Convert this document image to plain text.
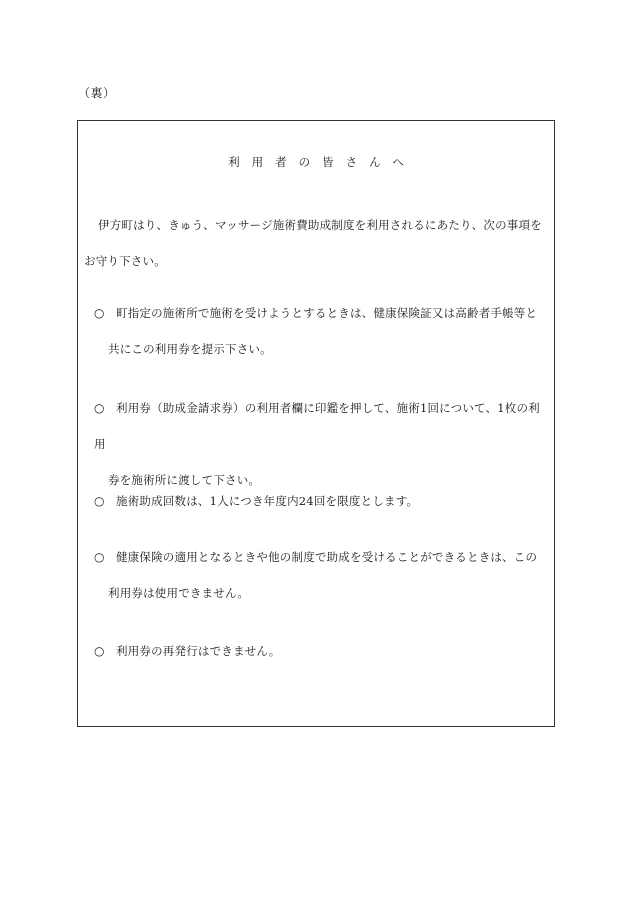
（裏）
利用者の皆さんへ
伊方町はり、きゅう、マッサージ施術費助成制度を利用されるにあたり、次の事項を
お守り下さい。
○ 町指定の施術所で施術を受けようとするときは、健康保険証又は高齢者手帳等と
共にこの利用券を提示下さい。
○ 利用券（助成金請求券）の利用者欄に印鑑を押して、施術1回について、1枚の利用
券を施術所に渡して下さい。
○ 施術助成回数は、1人につき年度内24回を限度とします。
○ 健康保険の適用となるときや他の制度で助成を受けることができるときは、この
利用券は使用できません。
○ 利用券の再発行はできません。
